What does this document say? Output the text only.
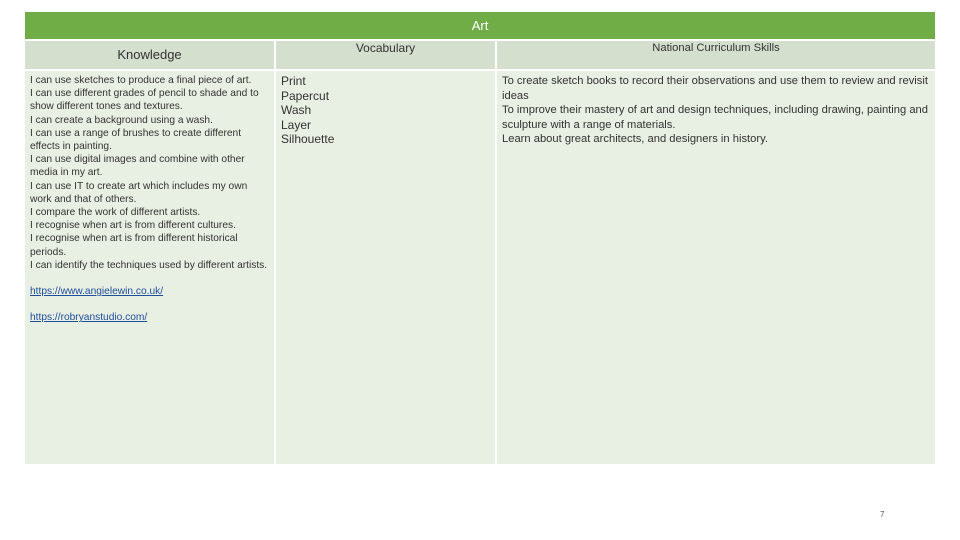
Art
Knowledge	Vocabulary	National Curriculum Skills
I can use sketches to produce a final piece of art.
I can use different grades of pencil to shade and to show different tones and textures.
I can create a background using a wash.
I can use a range of brushes to create different effects in painting.
I can use digital images and combine with other media in my art.
I can use IT to create art which includes my own work and that of others.
I compare the work of different artists.
I recognise when art is from different cultures.
I recognise when art is from different historical periods.
I can identify the techniques used by different artists.
https://www.angielewin.co.uk/
https://robryanstudio.com/
Print
Papercut
Wash
Layer
Silhouette
To create sketch books to record their observations and use them to review and revisit ideas
To improve their mastery of art and design techniques, including drawing, painting and sculpture with a range of materials.
Learn about great architects, and designers in history.
7
